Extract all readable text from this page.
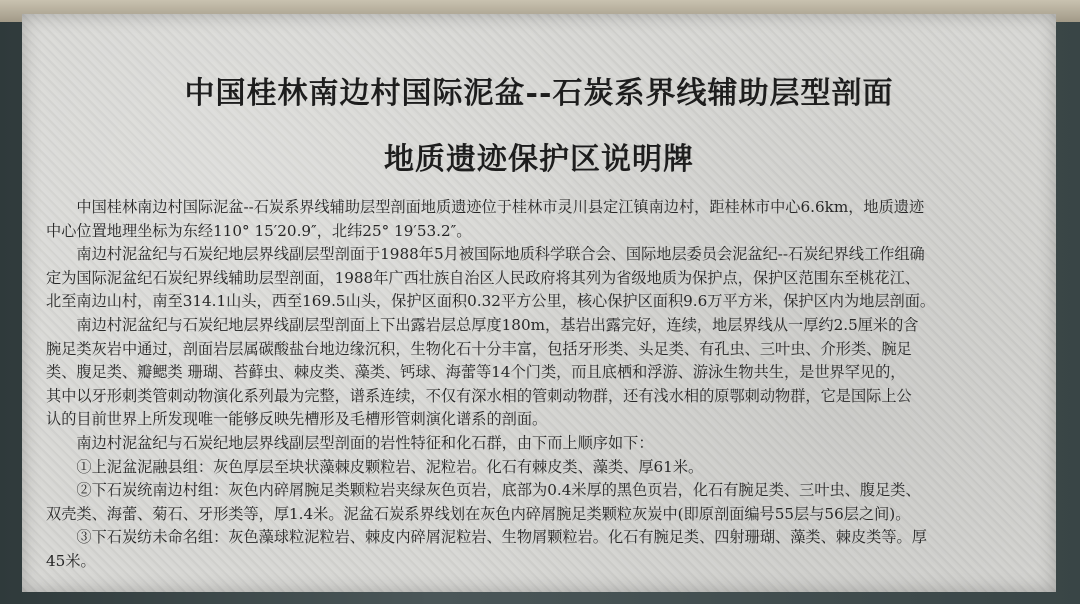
中国桂林南边村国际泥盆--石炭系界线辅助层型剖面
地质遗迹保护区说明牌

中国桂林南边村国际泥盆--石炭系界线辅助层型剖面地质遗迹位于桂林市灵川县定江镇南边村，距桂林市中心6.6km，地质遗迹

中心位置地理坐标为东经110° 15′20.9″，北纬25° 19′53.2″。

南边村泥盆纪与石炭纪地层界线副层型剖面于1988年5月被国际地质科学联合会、国际地层委员会泥盆纪--石炭纪界线工作组确

定为国际泥盆纪石炭纪界线辅助层型剖面，1988年广西壮族自治区人民政府将其列为省级地质为保护点，保护区范围东至桃花江、

北至南边山村，南至314.1山头，西至169.5山头，保护区面积0.32平方公里，核心保护区面积9.6万平方米，保护区内为地层剖面。

南边村泥盆纪与石炭纪地层界线副层型剖面上下出露岩层总厚度180m，基岩出露完好，连续，地层界线从一厚约2.5厘米的含

腕足类灰岩中通过，剖面岩层属碳酸盐台地边缘沉积，生物化石十分丰富，包括牙形类、头足类、有孔虫、三叶虫、介形类、腕足

类、腹足类、瓣鳃类 珊瑚、苔藓虫、棘皮类、藻类、钙球、海蕾等14个门类，而且底栖和浮游、游泳生物共生，是世界罕见的，

其中以牙形刺类管刺动物演化系列最为完整，谱系连续，不仅有深水相的管刺动物群，还有浅水相的原鄂刺动物群，它是国际上公

认的目前世界上所发现唯一能够反映先槽形及毛槽形管刺演化谱系的剖面。

南边村泥盆纪与石炭纪地层界线副层型剖面的岩性特征和化石群，由下而上顺序如下：

①上泥盆泥融县组：灰色厚层至块状藻棘皮颗粒岩、泥粒岩。化石有棘皮类、藻类、厚61米。

②下石炭统南边村组：灰色内碎屑腕足类颗粒岩夹绿灰色页岩，底部为0.4米厚的黑色页岩，化石有腕足类、三叶虫、腹足类、

双壳类、海蕾、菊石、牙形类等，厚1.4米。泥盆石炭系界线划在灰色内碎屑腕足类颗粒灰炭中(即原剖面编号55层与56层之间)。

③下石炭纺未命名组：灰色藻球粒泥粒岩、棘皮内碎屑泥粒岩、生物屑颗粒岩。化石有腕足类、四射珊瑚、藻类、棘皮类等。厚

45米。
